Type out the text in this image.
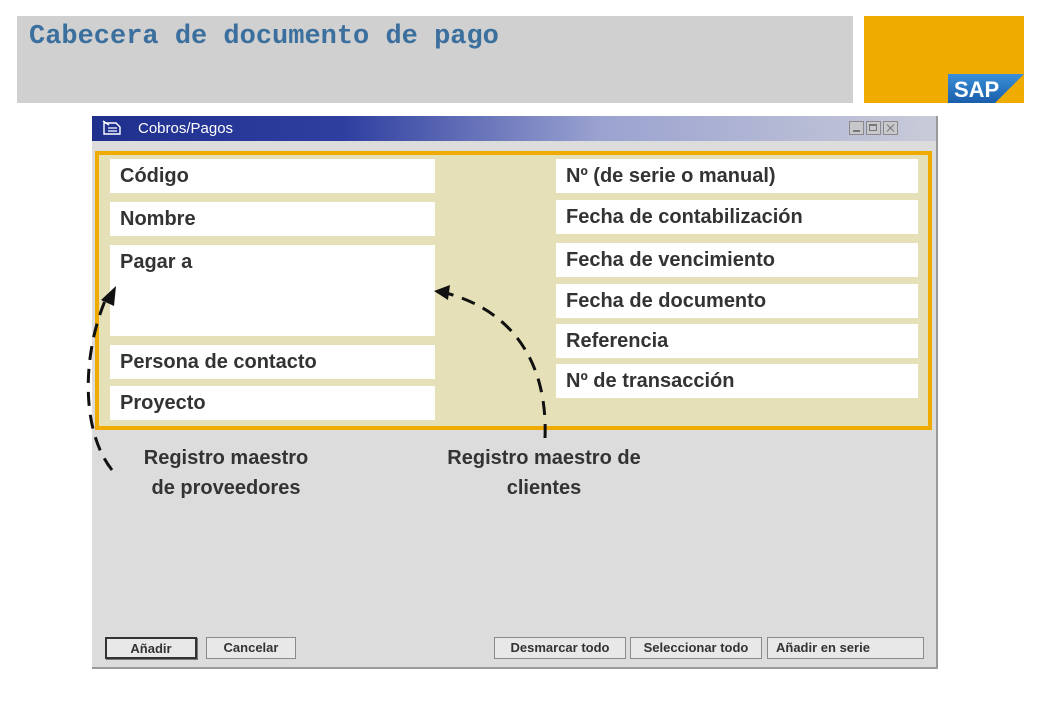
Cabecera de documento de pago
SAP
Cobros/Pagos
Código
Nombre
Pagar a
Persona de contacto
Proyecto
Nº (de serie o manual)
Fecha de contabilización
Fecha de vencimiento
Fecha de documento
Referencia
Nº de transacción
Registro maestro
de proveedores
Registro maestro de
clientes
Añadir	Cancelar	Desmarcar todo	Seleccionar todo	Añadir en serie
